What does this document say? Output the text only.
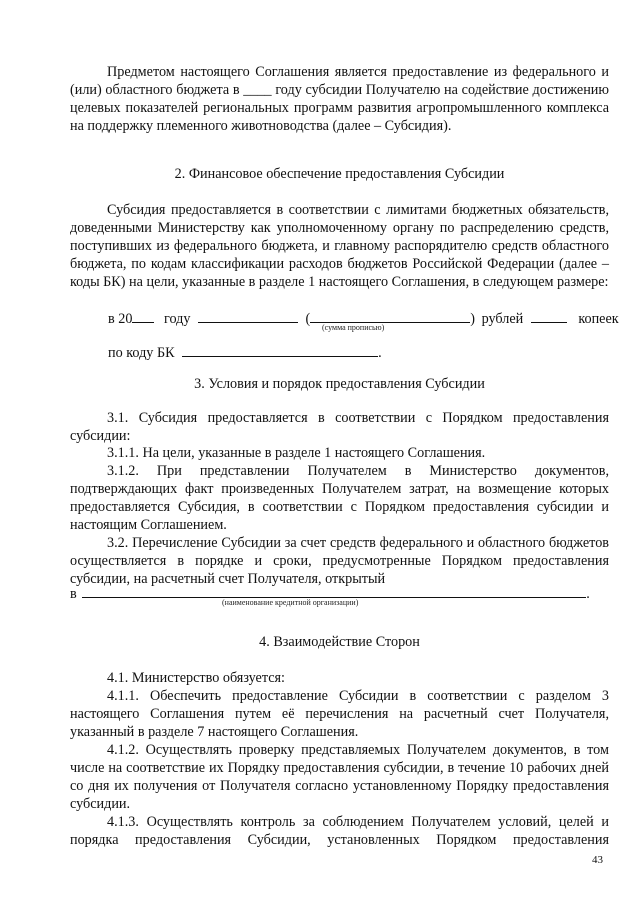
Предметом настоящего Соглашения является предоставление из федерального и (или) областного бюджета в ____ году субсидии Получателю на содействие достижению целевых показателей региональных программ развития агропромышленного комплекса на поддержку племенного животноводства (далее – Субсидия).

2. Финансовое обеспечение предоставления Субсидии

Субсидия предоставляется в соответствии с лимитами бюджетных обязательств, доведенными Министерству как уполномоченному органу по распределению средств, поступивших из федерального бюджета, и главному распорядителю средств областного бюджета, по кодам классификации расходов бюджетов Российской Федерации (далее – коды БК) на цели, указанные в разделе 1 настоящего Соглашения, в следующем размере:

в 20 году	(	) рублей	копеек
(сумма прописью)
по коду БК	.

3. Условия и порядок предоставления Субсидии

3.1. Субсидия предоставляется в соответствии с Порядком предоставления субсидии:

3.1.1. На цели, указанные в разделе 1 настоящего Соглашения.

3.1.2. При представлении Получателем в Министерство документов, подтверждающих факт произведенных Получателем затрат, на возмещение которых предоставляется Субсидия, в соответствии с Порядком предоставления субсидии и настоящим Соглашением.

3.2. Перечисление Субсидии за счет средств федерального и областного бюджетов осуществляется в порядке и сроки, предусмотренные Порядком предоставления субсидии, на расчетный счет Получателя, открытый

в	.
(наименование кредитной организации)

4. Взаимодействие Сторон

4.1. Министерство обязуется:

4.1.1. Обеспечить предоставление Субсидии в соответствии с разделом 3 настоящего Соглашения путем её перечисления на расчетный счет Получателя, указанный в разделе 7 настоящего Соглашения.

4.1.2. Осуществлять проверку представляемых Получателем документов, в том числе на соответствие их Порядку предоставления субсидии, в течение 10 рабочих дней со дня их получения от Получателя согласно установленному Порядку предоставления субсидии.

4.1.3. Осуществлять контроль за соблюдением Получателем условий, целей и порядка предоставления Субсидии, установленных Порядком предоставления

43
